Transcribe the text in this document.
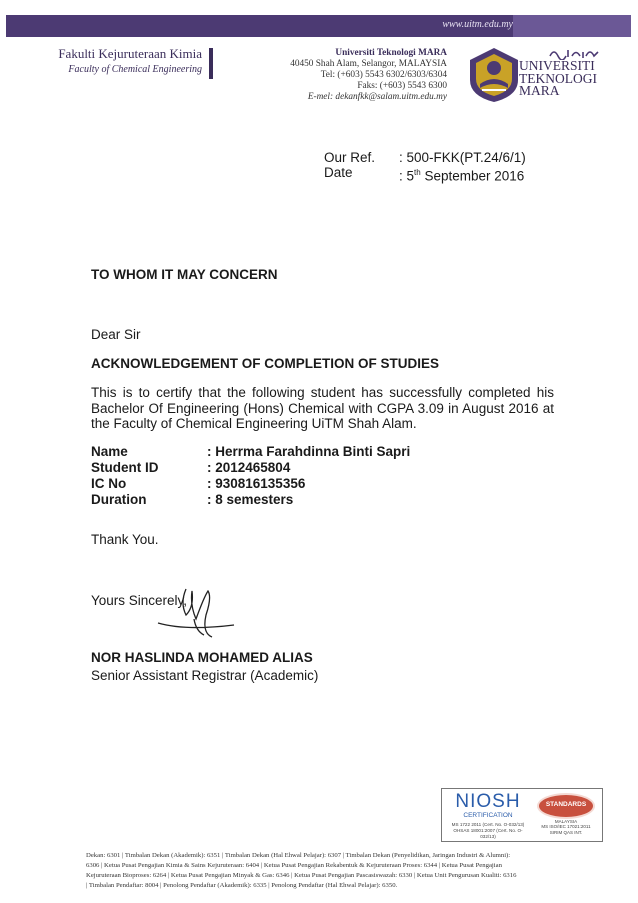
www.uitm.edu.my
Fakulti Kejuruteraan Kimia
Faculty of Chemical Engineering
Universiti Teknologi MARA
40450 Shah Alam, Selangor, MALAYSIA
Tel: (+603) 5543 6302/6303/6304
Faks: (+603) 5543 6300
E-mel: dekanfkk@salam.uitm.edu.my
UNIVERSITI
TEKNOLOGI
MARA
Our Ref.	: 500-FKK(PT.24/6/1)
Date	: 5th September 2016
TO WHOM IT MAY CONCERN
Dear Sir
ACKNOWLEDGEMENT OF COMPLETION OF STUDIES
This is to certify that the following student has successfully completed his Bachelor Of Engineering (Hons) Chemical with CGPA 3.09 in August 2016 at the Faculty of Chemical Engineering UiTM Shah Alam.
Name	: Herrma Farahdinna Binti Sapri
Student ID	: 2012465804
IC No	: 930816135356
Duration	: 8 semesters
Thank You.
Yours Sincerely,
NOR HASLINDA MOHAMED ALIAS
Senior Assistant Registrar (Academic)
NIOSH
CERTIFICATION
MS 1722 2011 (Cert. No. O-032/13)
OHSAS 18001:2007 (Cert. No. O-032/13)
STANDARDS
MALAYSIA
MS ISO/IEC 17021:2011
SIRIM QAS INT.
Dekan: 6301 | Timbalan Dekan (Akademik): 6351 | Timbalan Dekan (Hal Ehwal Pelajar): 6307 | Timbalan Dekan (Penyelidikan, Jaringan Industri & Alumni):
6306 | Ketua Pusat Pengajian Kimia & Sains Kejuruteraan: 6404 | Ketua Pusat Pengajian Rekabentuk & Kejuruteraan Proses: 6344 | Ketua Pusat Pengajian
Kejuruteraan Bioproses: 6264 | Ketua Pusat Pengajian Minyak & Gas: 6346 | Ketua Pusat Pengajian Pascasiswazah: 6330 | Ketua Unit Pengurusan Kualiti: 6316
| Timbalan Pendaftar: 8004 | Penolong Pendaftar (Akademik): 6335 | Penolong Pendaftar (Hal Ehwal Pelajar): 6350.
